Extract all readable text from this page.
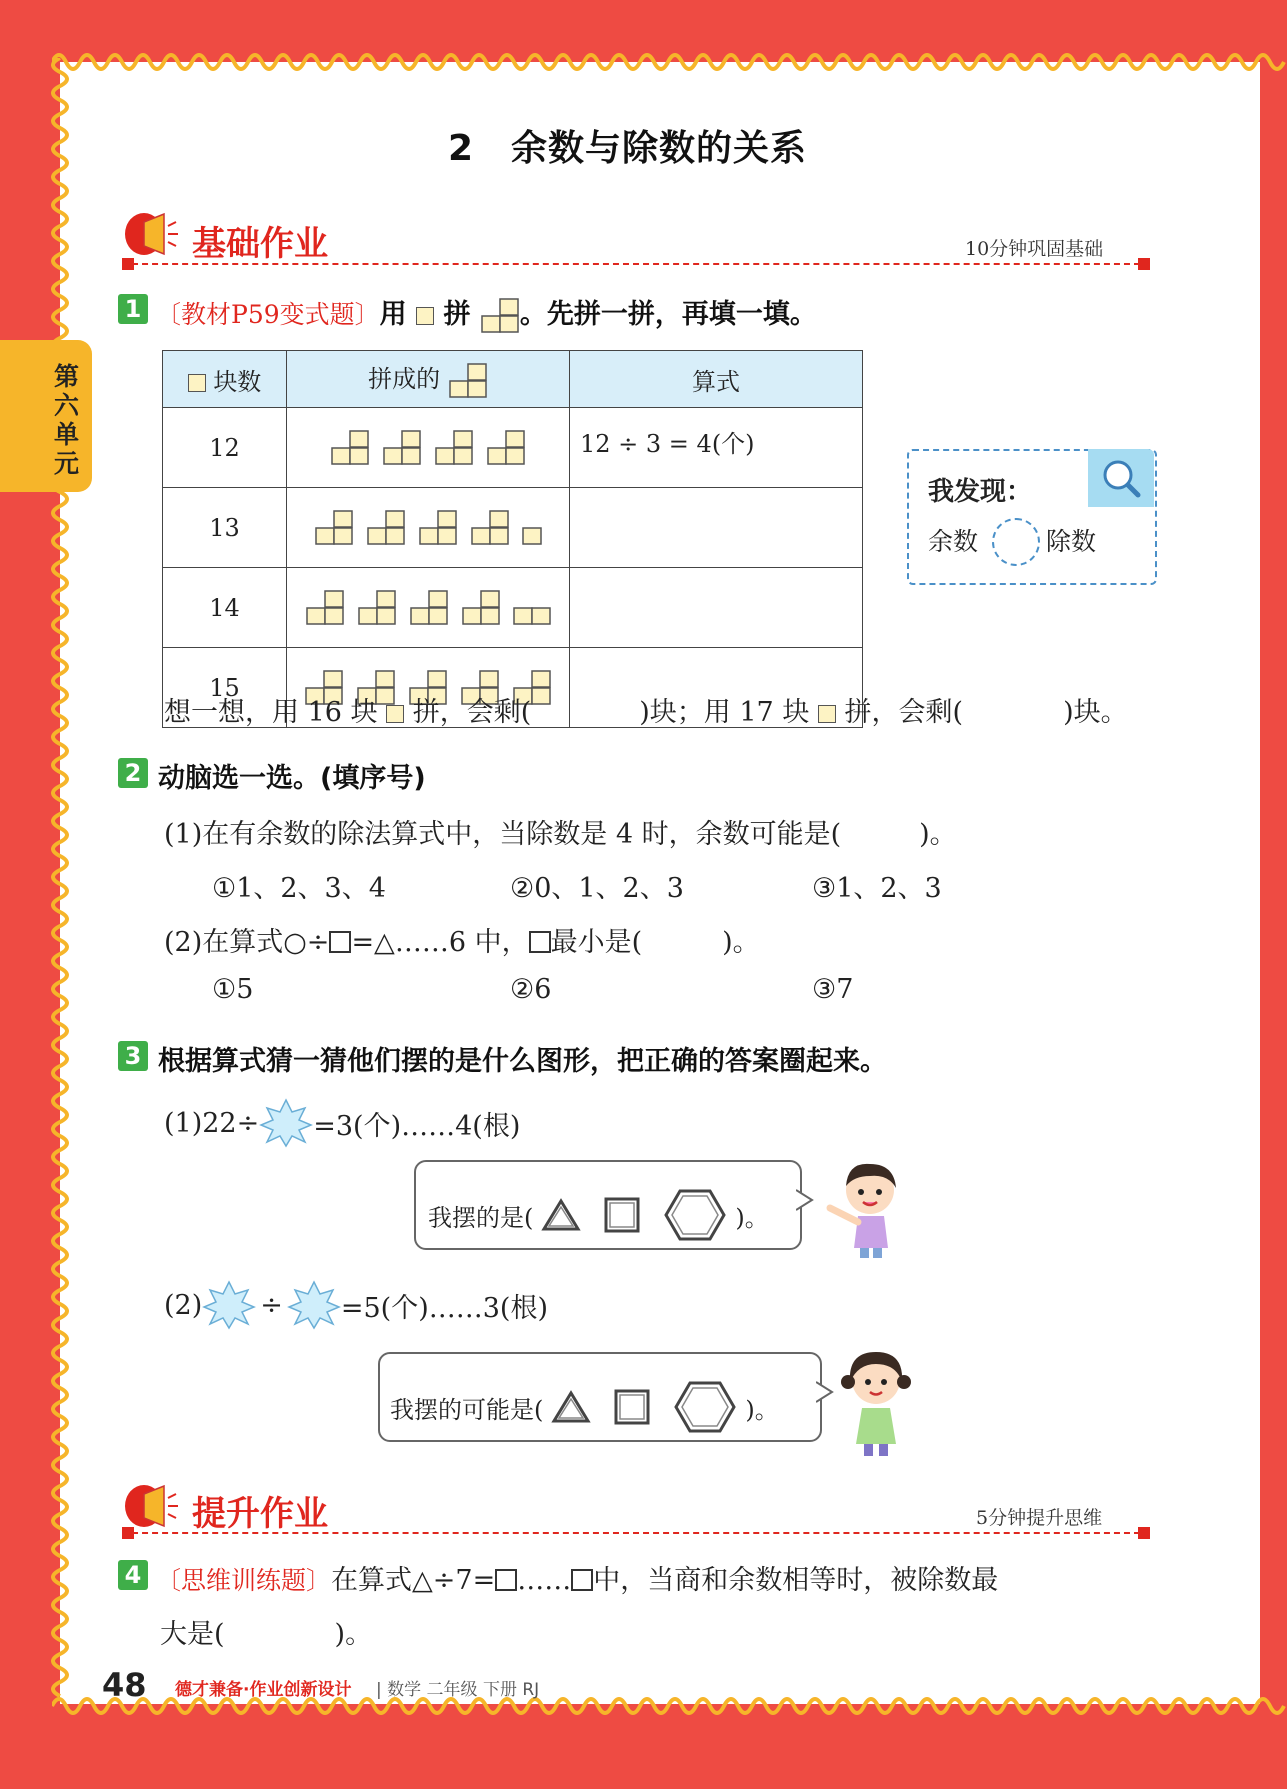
第六单元
2　余数与除数的关系
基础作业	10分钟巩固基础
1 〔教材P59变式题〕用 拼 。先拼一拼，再填一填。
块数	拼成的	算式
12		12 ÷ 3 = 4(个)
13		
14		
15		
我发现：
余数	除数
想一想，用 16 块 拼，会剩(	)块；用 17 块 拼，会剩(	)块。
2 动脑选一选。(填序号)
(1)在有余数的除法算式中，当除数是 4 时，余数可能是(	)。
①1、2、3、4	②0、1、2、3	③1、2、3
(2)在算式○÷ =△……6 中， 最小是(	)。
①5	②6	③7
3 根据算式猜一猜他们摆的是什么图形，把正确的答案圈起来。
(1)22÷ =3(个)……4(根)
我摆的是(	)。
(2) ÷ =5(个)……3(根)
我摆的可能是(	)。
提升作业	5分钟提升思维
4 〔思维训练题〕在算式△÷7= …… 中，当商和余数相等时，被除数最
大是(	)。
48 德才兼备·作业创新设计 | 数学 二年级 下册 RJ
